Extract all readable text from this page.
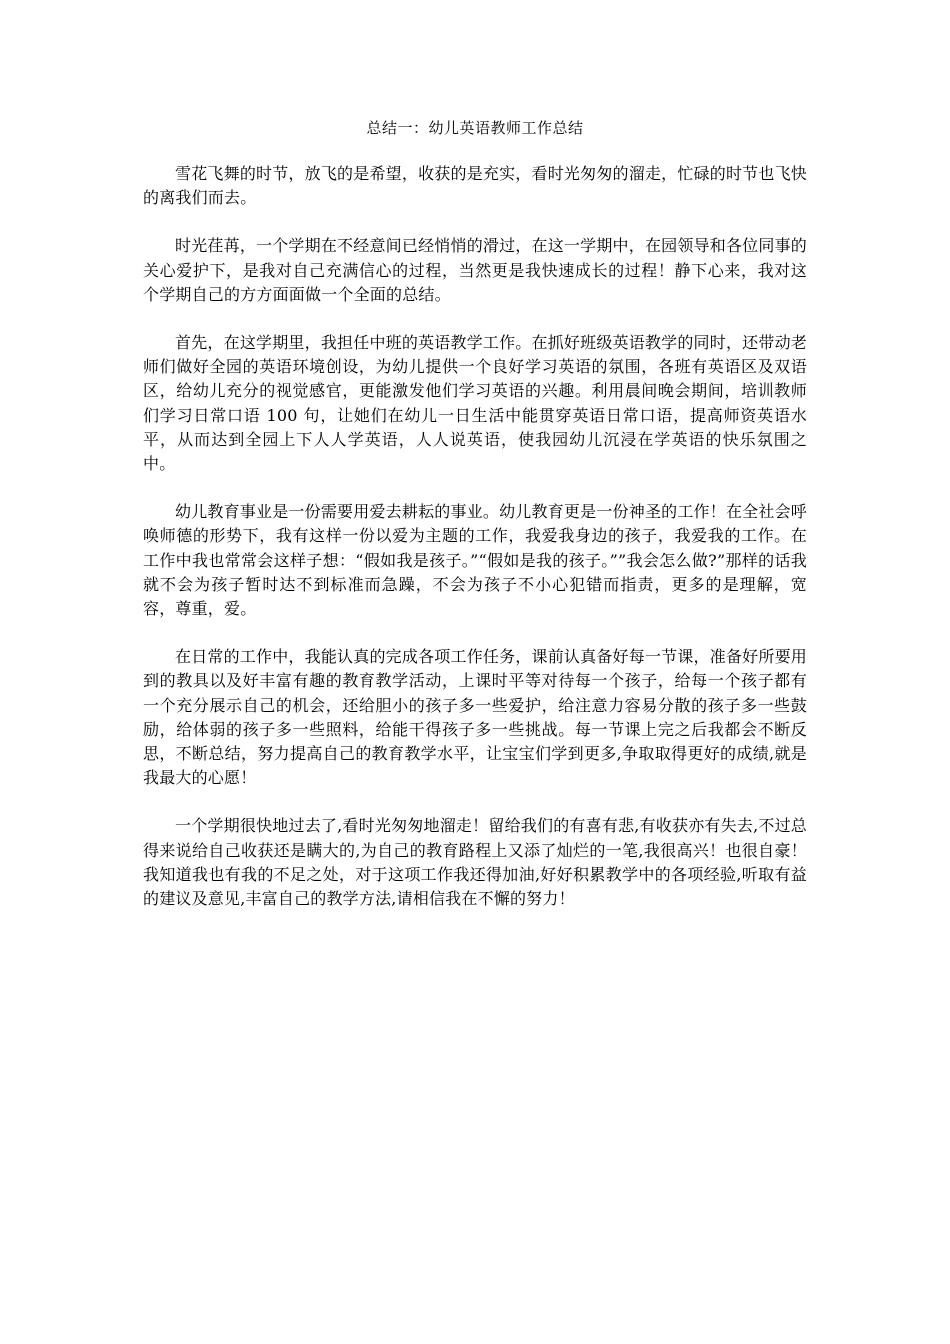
总结一：幼儿英语教师工作总结

雪花飞舞的时节，放飞的是希望，收获的是充实，看时光匆匆的溜走，忙碌的时节也飞快的离我们而去。

时光荏苒，一个学期在不经意间已经悄悄的滑过，在这一学期中，在园领导和各位同事的关心爱护下，是我对自己充满信心的过程，当然更是我快速成长的过程！静下心来，我对这个学期自己的方方面面做一个全面的总结。

首先，在这学期里，我担任中班的英语教学工作。在抓好班级英语教学的同时，还带动老师们做好全园的英语环境创设，为幼儿提供一个良好学习英语的氛围，各班有英语区及双语区，给幼儿充分的视觉感官，更能激发他们学习英语的兴趣。利用晨间晚会期间，培训教师们学习日常口语 100 句，让她们在幼儿一日生活中能贯穿英语日常口语，提高师资英语水平，从而达到全园上下人人学英语，人人说英语，使我园幼儿沉浸在学英语的快乐氛围之中。

幼儿教育事业是一份需要用爱去耕耘的事业。幼儿教育更是一份神圣的工作！在全社会呼唤师德的形势下，我有这样一份以爱为主题的工作，我爱我身边的孩子，我爱我的工作。在工作中我也常常会这样子想：“假如我是孩子。”“假如是我的孩子。””我会怎么做?”那样的话我就不会为孩子暂时达不到标准而急躁，不会为孩子不小心犯错而指责，更多的是理解，宽容，尊重，爱。

在日常的工作中，我能认真的完成各项工作任务，课前认真备好每一节课，准备好所要用到的教具以及好丰富有趣的教育教学活动，上课时平等对待每一个孩子，给每一个孩子都有一个充分展示自己的机会，还给胆小的孩子多一些爱护，给注意力容易分散的孩子多一些鼓励，给体弱的孩子多一些照料，给能干得孩子多一些挑战。每一节课上完之后我都会不断反思，不断总结，努力提高自己的教育教学水平，让宝宝们学到更多,争取取得更好的成绩,就是我最大的心愿！

一个学期很快地过去了,看时光匆匆地溜走！留给我们的有喜有悲,有收获亦有失去,不过总得来说给自己收获还是瞒大的,为自己的教育路程上又添了灿烂的一笔,我很高兴！也很自豪！我知道我也有我的不足之处，对于这项工作我还得加油,好好积累教学中的各项经验,听取有益的建议及意见,丰富自己的教学方法,请相信我在不懈的努力！
